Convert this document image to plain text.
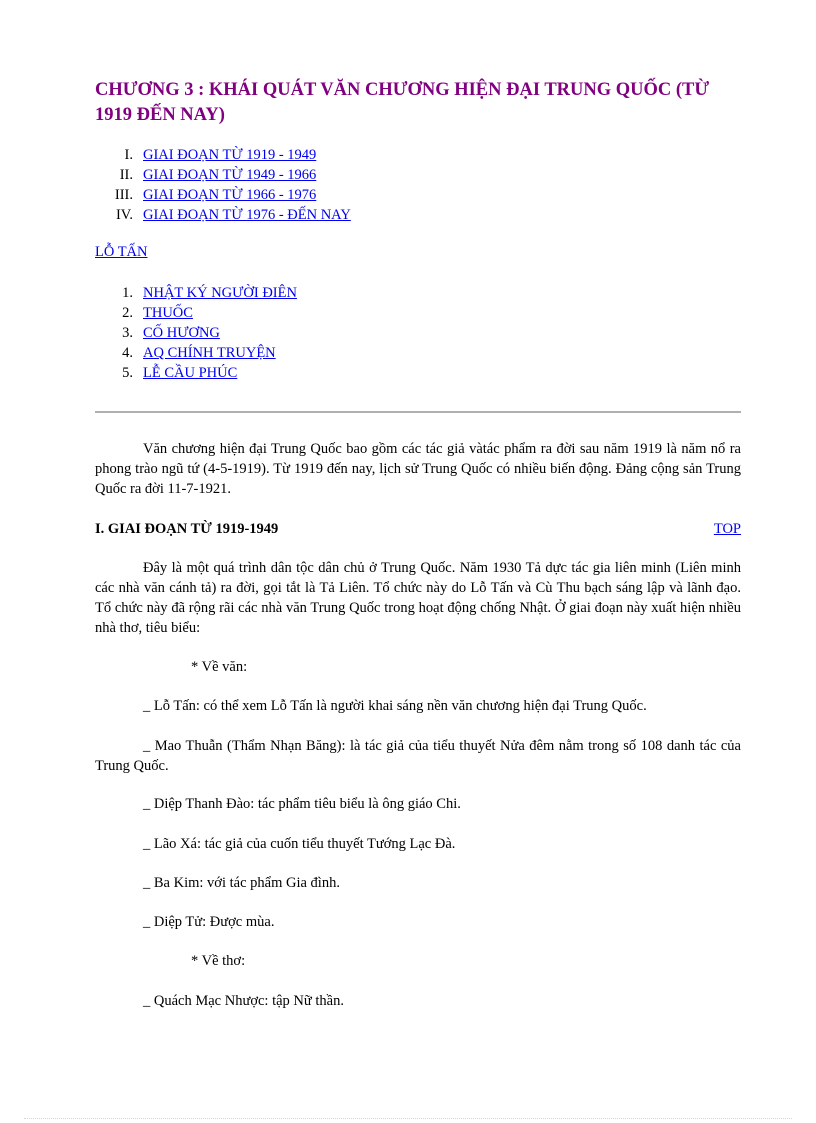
CHƯƠNG 3 : KHÁI QUÁT VĂN CHƯƠNG HIỆN ĐẠI TRUNG QUỐC (TỪ 1919 ĐẾN NAY)
I. GIAI ĐOẠN TỪ 1919 - 1949
II. GIAI ĐOẠN TỪ 1949 - 1966
III. GIAI ĐOẠN TỪ 1966 - 1976
IV. GIAI ĐOẠN TỪ 1976 - ĐẾN NAY
LỖ TẤN
1. NHẬT KÝ NGƯỜI ĐIÊN
2. THUỐC
3. CỐ HƯƠNG
4. AQ CHÍNH TRUYỆN
5. LỄ CẦU PHÚC

Văn chương hiện đại Trung Quốc bao gồm các tác giả vàtác phẩm ra đời sau năm 1919 là năm nổ ra phong trào ngũ tứ (4-5-1919). Từ 1919 đến nay, lịch sử Trung Quốc có nhiều biến động. Đảng cộng sản Trung Quốc ra đời 11-7-1921.

I. GIAI ĐOẠN TỪ 1919-1949	TOP

Đây là một quá trình dân tộc dân chủ ở Trung Quốc. Năm 1930 Tả dực tác gia liên minh (Liên minh các nhà văn cánh tả) ra đời, gọi tắt là Tả Liên. Tổ chức này do Lỗ Tấn và Cù Thu bạch sáng lập và lãnh đạo. Tổ chức này đã rộng rãi các nhà văn Trung Quốc trong hoạt động chống Nhật. Ở giai đoạn này xuất hiện nhiều nhà thơ, tiêu biểu:

* Về văn:

_ Lỗ Tấn: có thể xem Lỗ Tấn là người khai sáng nền văn chương hiện đại Trung Quốc.

_ Mao Thuẫn (Thẩm Nhạn Băng): là tác giả của tiểu thuyết Nửa đêm nằm trong số 108 danh tác của Trung Quốc.

_ Diệp Thanh Đào: tác phẩm tiêu biểu là ông giáo Chi.

_ Lão Xá: tác giả của cuốn tiểu thuyết Tướng Lạc Đà.

_ Ba Kim: với tác phẩm Gia đình.

_ Diệp Tử: Được mùa.

* Về thơ:

_ Quách Mạc Nhược: tập Nữ thần.
